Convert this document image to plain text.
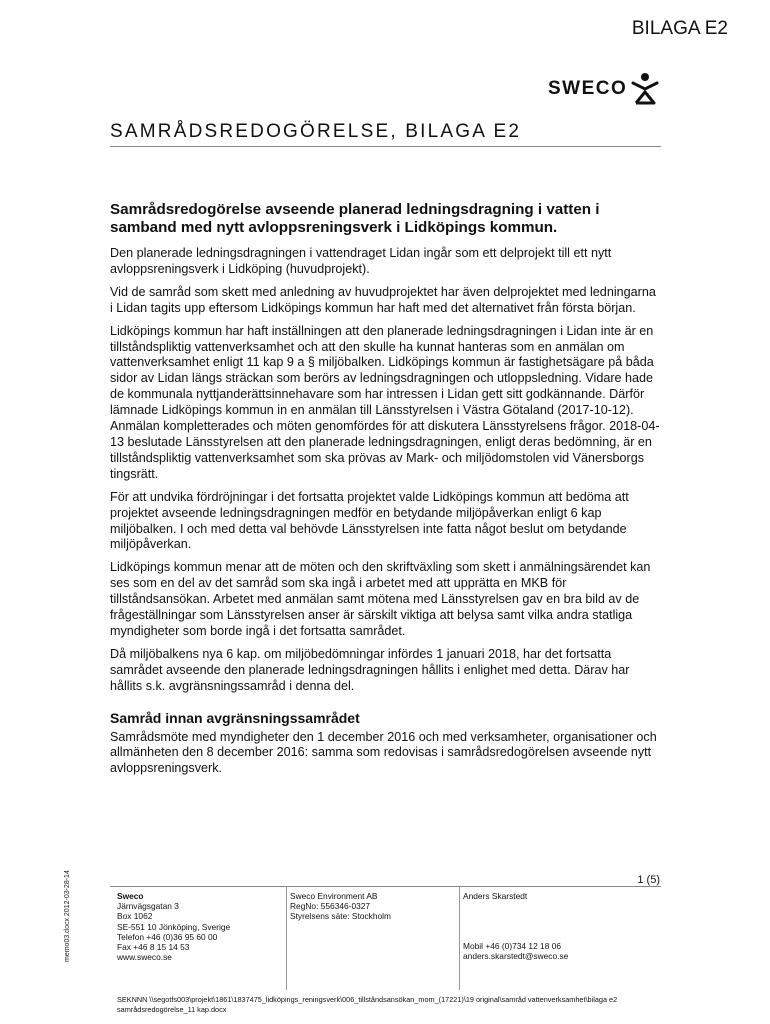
BILAGA E2
SWECO
SAMRÅDSREDOGÖRELSE, BILAGA E2
Samrådsredogörelse avseende planerad ledningsdragning i vatten i samband med nytt avloppsreningsverk i Lidköpings kommun.

Den planerade ledningsdragningen i vattendraget Lidan ingår som ett delprojekt till ett nytt avloppsreningsverk i Lidköping (huvudprojekt).

Vid de samråd som skett med anledning av huvudprojektet har även delprojektet med ledningarna i Lidan tagits upp eftersom Lidköpings kommun har haft med det alternativet från första början.

Lidköpings kommun har haft inställningen att den planerade ledningsdragningen i Lidan inte är en tillståndspliktig vattenverksamhet och att den skulle ha kunnat hanteras som en anmälan om vattenverksamhet enligt 11 kap 9 a § miljöbalken. Lidköpings kommun är fastighetsägare på båda sidor av Lidan längs sträckan som berörs av ledningsdragningen och utloppsledning. Vidare hade de kommunala nyttjanderättsinnehavare som har intressen i Lidan gett sitt godkännande. Därför lämnade Lidköpings kommun in en anmälan till Länsstyrelsen i Västra Götaland (2017-10-12). Anmälan kompletterades och möten genomfördes för att diskutera Länsstyrelsens frågor. 2018-04-13 beslutade Länsstyrelsen att den planerade ledningsdragningen, enligt deras bedömning, är en tillståndspliktig vattenverksamhet som ska prövas av Mark- och miljödomstolen vid Vänersborgs tingsrätt.

För att undvika fördröjningar i det fortsatta projektet valde Lidköpings kommun att bedöma att projektet avseende ledningsdragningen medför en betydande miljöpåverkan enligt 6 kap miljöbalken. I och med detta val behövde Länsstyrelsen inte fatta något beslut om betydande miljöpåverkan.

Lidköpings kommun menar att de möten och den skriftväxling som skett i anmälningsärendet kan ses som en del av det samråd som ska ingå i arbetet med att upprätta en MKB för tillståndsansökan. Arbetet med anmälan samt mötena med Länsstyrelsen gav en bra bild av de frågeställningar som Länsstyrelsen anser är särskilt viktiga att belysa samt vilka andra statliga myndigheter som borde ingå i det fortsatta samrådet.

Då miljöbalkens nya 6 kap. om miljöbedömningar infördes 1 januari 2018, har det fortsatta samrådet avseende den planerade ledningsdragningen hållits i enlighet med detta. Därav har hållits s.k. avgränsningssamråd i denna del.

Samråd innan avgränsningssamrådet

Samrådsmöte med myndigheter den 1 december 2016 och med verksamheter, organisationer och allmänheten den 8 december 2016: samma som redovisas i samrådsredogörelsen avseende nytt avloppsreningsverk.

1 (5)
memo03.docx 2012-03-28-14	Sweco
Järnvägsgatan 3
Box 1062
SE-551 10 Jönköping, Sverige
Telefon +46 (0)36 95 60 00
Fax +46 8 15 14 53
www.sweco.se
Sweco Environment AB
RegNo: 556346-0327
Styrelsens säte: Stockholm
Anders Skarstedt
Mobil +46 (0)734 12 18 06
anders.skarstedt@sweco.se
SEKNNN \\segotfs003\projekt\1861\1837475_lidköpings_reningsverk\006_tillståndsansökan_mom_(17221)\19 original\samråd vattenverksamhet\bilaga e2 samrådsredogörelse_11 kap.docx
